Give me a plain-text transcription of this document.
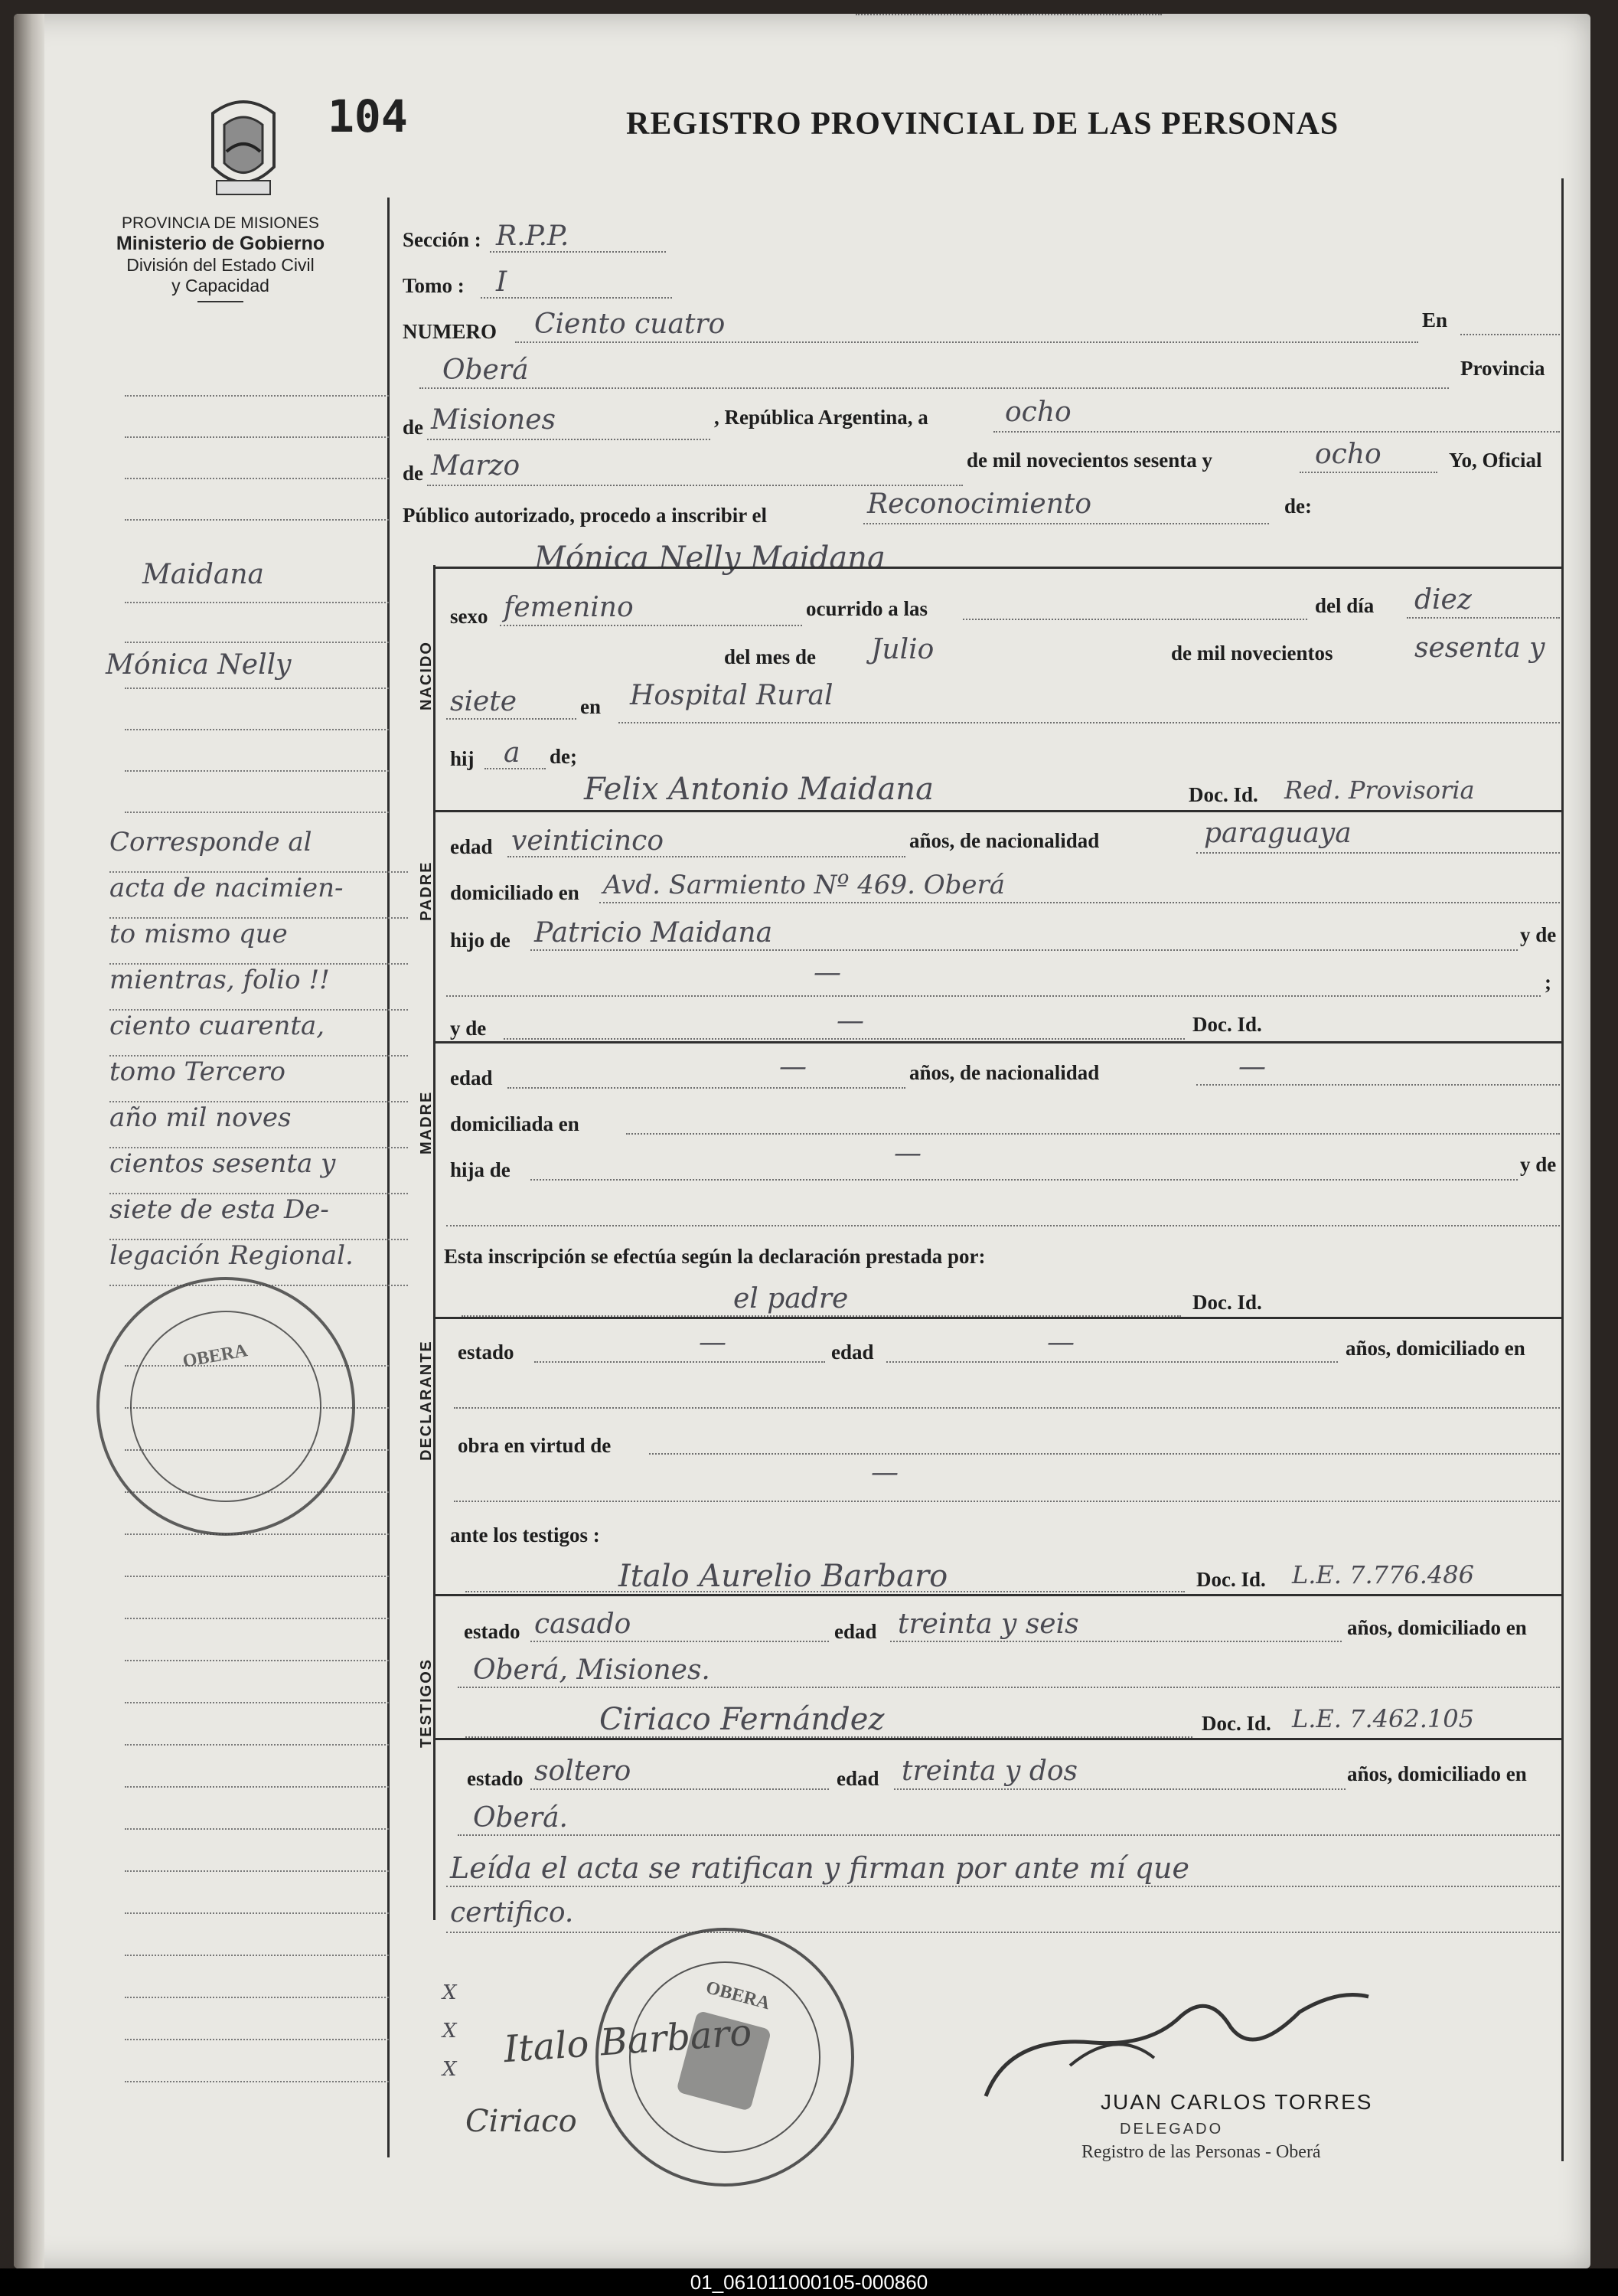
104	REGISTRO PROVINCIAL DE LAS PERSONAS
PROVINCIA DE MISIONES
Ministerio de Gobierno
División del Estado Civil
y Capacidad
NACIDO
PADRE
MADRE
DECLARANTE
TESTIGOS
Sección : R.P.P.
Tomo : I
NUMERO Ciento cuatro	En
Oberá	Provincia
de Misiones	, República Argentina, a	ocho
de Marzo	de mil novecientos sesenta y	ocho	Yo, Oficial
Público autorizado, procedo a inscribir el	Reconocimiento	de:
Mónica Nelly Maidana
sexo femenino	ocurrido a las	del día diez
del mes de Julio	de mil novecientos	sesenta y
siete	en Hospital Rural
hij a de;
Felix Antonio Maidana	Doc. Id. Red. Provisoria
edad veinticinco	años, de nacionalidad	paraguaya
domiciliado en Avd. Sarmiento Nº 469. Oberá
hijo de Patricio Maidana	y de
—	;
y de	—	Doc. Id.
edad	—	años, de nacionalidad	—
domiciliada en
hija de
—	y de
Esta inscripción se efectúa según la declaración prestada por:
el padre	Doc. Id.
estado	—	edad	—	años, domiciliado en
obra en virtud de
—
ante los testigos :
Italo Aurelio Barbaro	Doc. Id. L.E. 7.776.486
estado casado	edad treinta y seis	años, domiciliado en
Oberá, Misiones.
Ciriaco Fernández	Doc. Id. L.E. 7.462.105
estado soltero	edad treinta y dos	años, domiciliado en
Oberá.
Leída el acta se ratifican y firman por ante mí que
certifico.
Maidana
Mónica Nelly
Corresponde al
acta de nacimien-
to mismo que
mientras, folio !!
ciento cuarenta,
tomo Tercero
año mil noves
cientos sesenta y
siete de esta De-
legación Regional.
OBERA
OBERA
Italo Barbaro
Ciriaco
X
X
X
JUAN CARLOS TORRES
DELEGADO
Registro de las Personas - Oberá
01_061011000105-000860
